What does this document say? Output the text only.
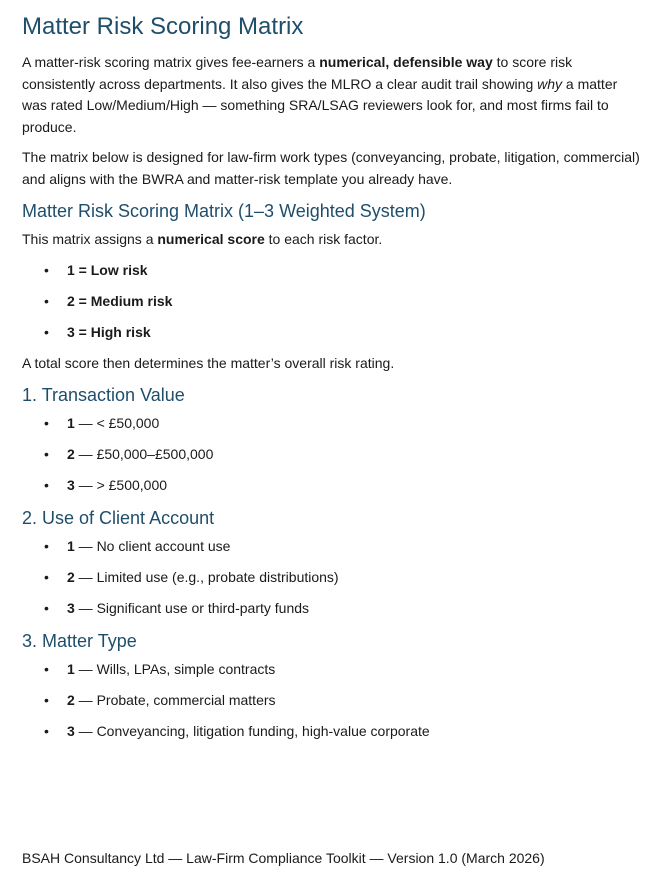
Matter Risk Scoring Matrix

A matter-risk scoring matrix gives fee-earners a numerical, defensible way to score risk consistently across departments. It also gives the MLRO a clear audit trail showing why a matter was rated Low/Medium/High — something SRA/LSAG reviewers look for, and most firms fail to produce.

The matrix below is designed for law-firm work types (conveyancing, probate, litigation, commercial) and aligns with the BWRA and matter-risk template you already have.

Matter Risk Scoring Matrix (1–3 Weighted System)

This matrix assigns a numerical score to each risk factor.

• 1 = Low risk
• 2 = Medium risk
• 3 = High risk

A total score then determines the matter’s overall risk rating.

1. Transaction Value
• 1 — < £50,000
• 2 — £50,000–£500,000
• 3 — > £500,000
2. Use of Client Account
• 1 — No client account use
• 2 — Limited use (e.g., probate distributions)
• 3 — Significant use or third-party funds
3. Matter Type
• 1 — Wills, LPAs, simple contracts
• 2 — Probate, commercial matters
• 3 — Conveyancing, litigation funding, high-value corporate
BSAH Consultancy Ltd — Law-Firm Compliance Toolkit — Version 1.0 (March 2026)
